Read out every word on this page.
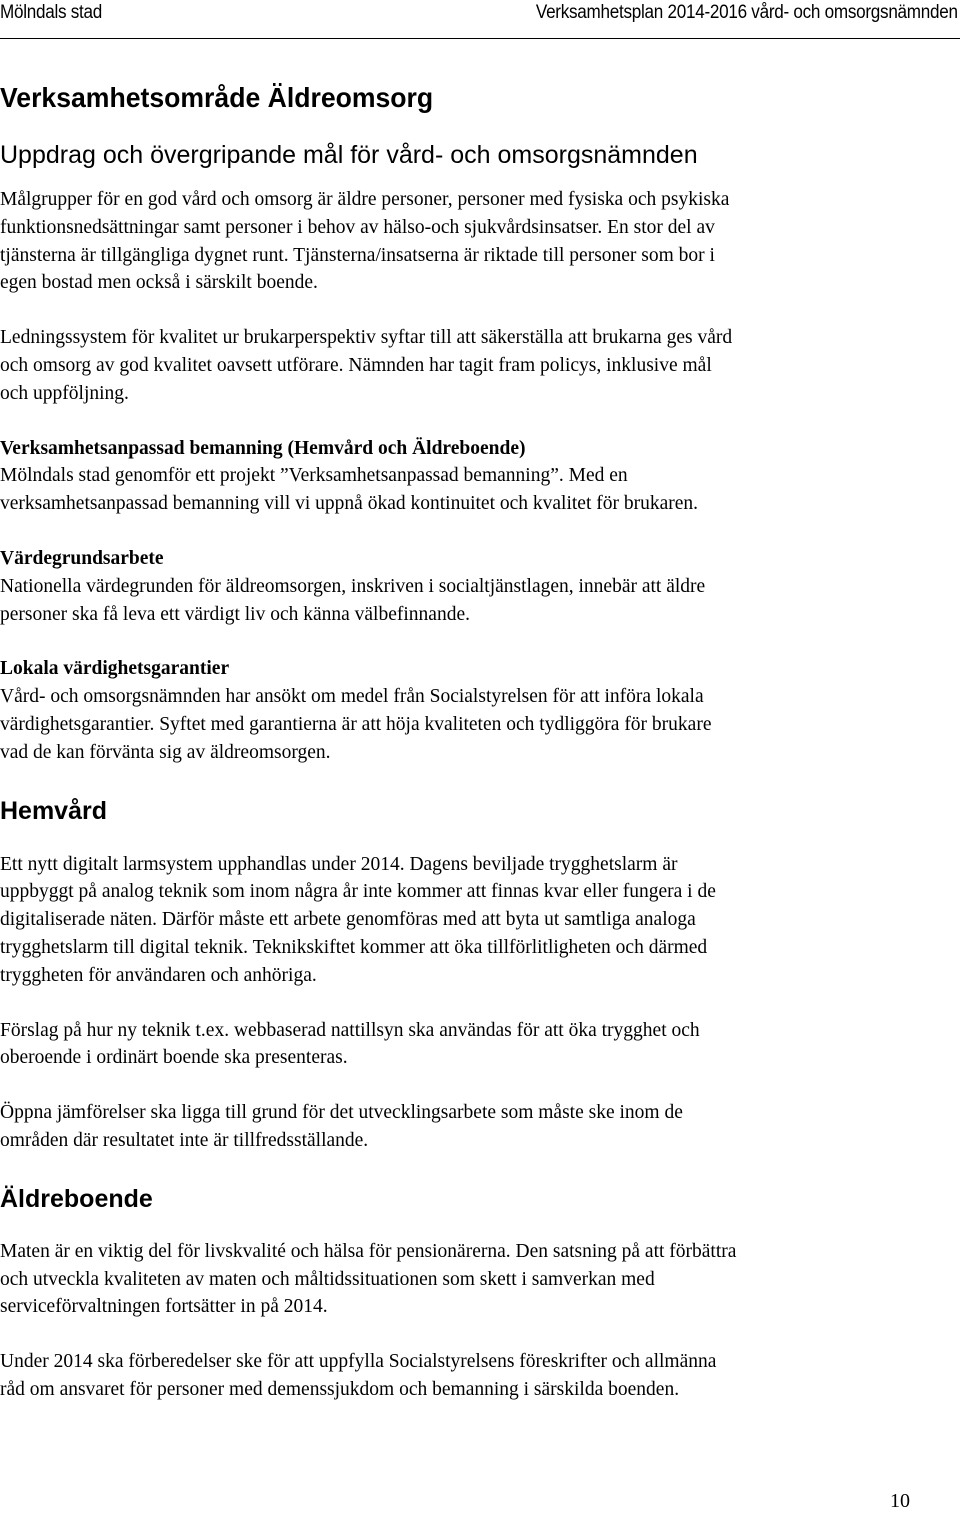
Mölndals stad	Verksamhetsplan 2014-2016 vård- och omsorgsnämnden
Verksamhetsområde Äldreomsorg
Uppdrag och övergripande mål för vård- och omsorgsnämnden

Målgrupper för en god vård och omsorg är äldre personer, personer med fysiska och psykiska
funktionsnedsättningar samt personer i behov av hälso-och sjukvårdsinsatser. En stor del av
tjänsterna är tillgängliga dygnet runt. Tjänsterna/insatserna är riktade till personer som bor i
egen bostad men också i särskilt boende.

Ledningssystem för kvalitet ur brukarperspektiv syftar till att säkerställa att brukarna ges vård
och omsorg av god kvalitet oavsett utförare. Nämnden har tagit fram policys, inklusive mål
och uppföljning.

Verksamhetsanpassad bemanning (Hemvård och Äldreboende)
Mölndals stad genomför ett projekt ”Verksamhetsanpassad bemanning”. Med en
verksamhetsanpassad bemanning vill vi uppnå ökad kontinuitet och kvalitet för brukaren.

Värdegrundsarbete
Nationella värdegrunden för äldreomsorgen, inskriven i socialtjänstlagen, innebär att äldre
personer ska få leva ett värdigt liv och känna välbefinnande.

Lokala värdighetsgarantier
Vård- och omsorgsnämnden har ansökt om medel från Socialstyrelsen för att införa lokala
värdighetsgarantier. Syftet med garantierna är att höja kvaliteten och tydliggöra för brukare
vad de kan förvänta sig av äldreomsorgen.

Hemvård

Ett nytt digitalt larmsystem upphandlas under 2014. Dagens beviljade trygghetslarm är
uppbyggt på analog teknik som inom några år inte kommer att finnas kvar eller fungera i de
digitaliserade näten. Därför måste ett arbete genomföras med att byta ut samtliga analoga
trygghetslarm till digital teknik. Teknikskiftet kommer att öka tillförlitligheten och därmed
tryggheten för användaren och anhöriga.

Förslag på hur ny teknik t.ex. webbaserad nattillsyn ska användas för att öka trygghet och
oberoende i ordinärt boende ska presenteras.

Öppna jämförelser ska ligga till grund för det utvecklingsarbete som måste ske inom de
områden där resultatet inte är tillfredsställande.

Äldreboende

Maten är en viktig del för livskvalité och hälsa för pensionärerna. Den satsning på att förbättra
och utveckla kvaliteten av maten och måltidssituationen som skett i samverkan med
serviceförvaltningen fortsätter in på 2014.

Under 2014 ska förberedelser ske för att uppfylla Socialstyrelsens föreskrifter och allmänna
råd om ansvaret för personer med demenssjukdom och bemanning i särskilda boenden.

10
